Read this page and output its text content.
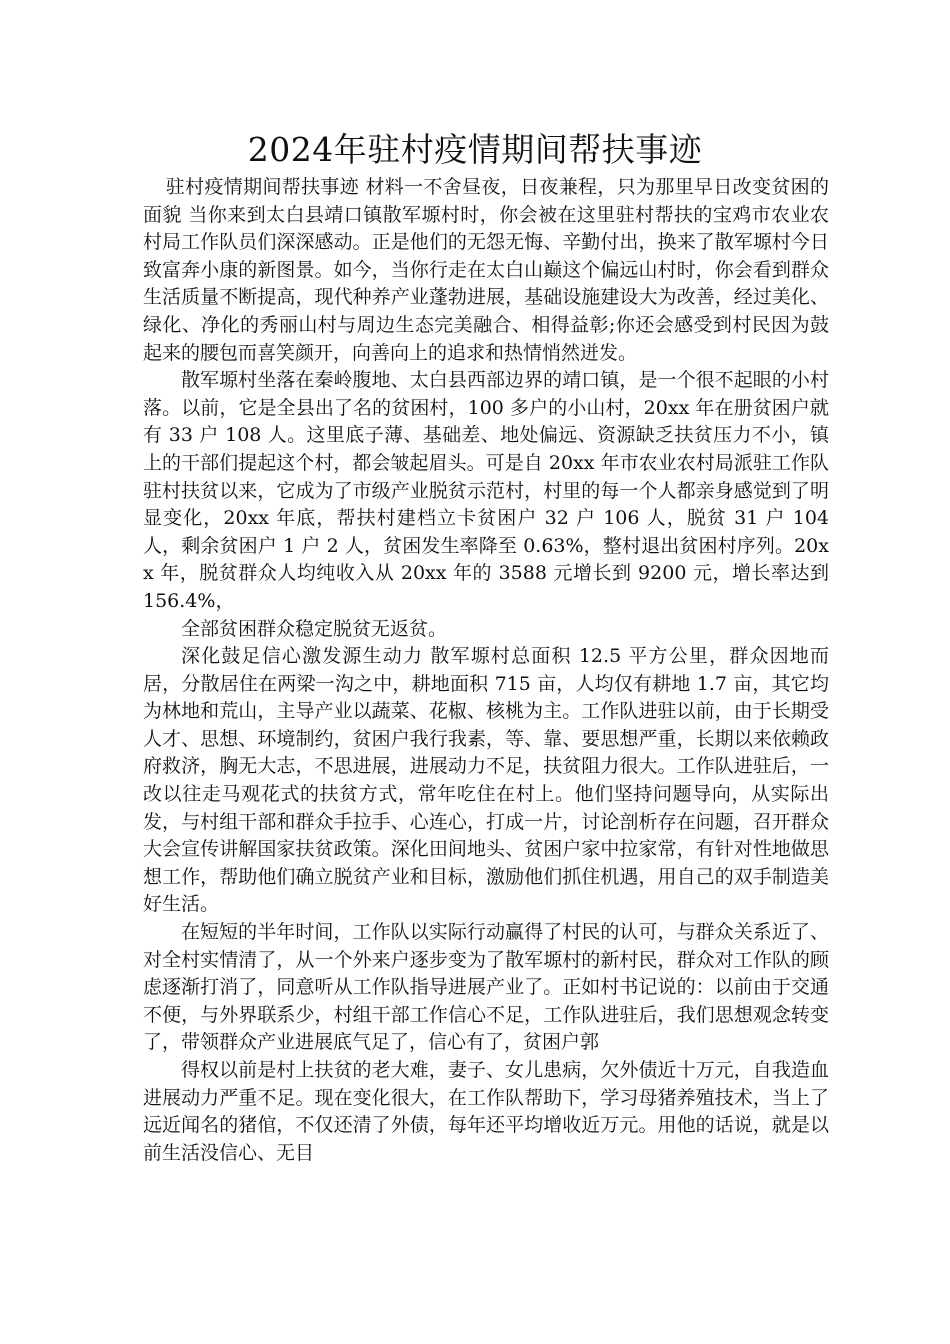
2024年驻村疫情期间帮扶事迹

驻村疫情期间帮扶事迹 材料一不舍昼夜，日夜兼程，只为那里早日改变贫困的面貌 当你来到太白县靖口镇散军塬村时，你会被在这里驻村帮扶的宝鸡市农业农村局工作队员们深深感动。正是他们的无怨无悔、辛勤付出，换来了散军塬村今日致富奔小康的新图景。如今，当你行走在太白山巅这个偏远山村时，你会看到群众生活质量不断提高，现代种养产业蓬勃进展，基础设施建设大为改善，经过美化、绿化、净化的秀丽山村与周边生态完美融合、相得益彰;你还会感受到村民因为鼓起来的腰包而喜笑颜开，向善向上的追求和热情悄然迸发。

散军塬村坐落在秦岭腹地、太白县西部边界的靖口镇，是一个很不起眼的小村落。以前，它是全县出了名的贫困村，100 多户的小山村，20xx 年在册贫困户就有 33 户 108 人。这里底子薄、基础差、地处偏远、资源缺乏扶贫压力不小，镇上的干部们提起这个村，都会皱起眉头。可是自 20xx 年市农业农村局派驻工作队驻村扶贫以来，它成为了市级产业脱贫示范村，村里的每一个人都亲身感觉到了明显变化，20xx 年底，帮扶村建档立卡贫困户 32 户 106 人，脱贫 31 户 104 人，剩余贫困户 1 户 2 人，贫困发生率降至 0.63%，整村退出贫困村序列。20xx 年，脱贫群众人均纯收入从 20xx 年的 3588 元增长到 9200 元，增长率达到 156.4%，

全部贫困群众稳定脱贫无返贫。

深化鼓足信心激发源生动力 散军塬村总面积 12.5 平方公里，群众因地而居，分散居住在两梁一沟之中，耕地面积 715 亩，人均仅有耕地 1.7 亩，其它均为林地和荒山，主导产业以蔬菜、花椒、核桃为主。工作队进驻以前，由于长期受人才、思想、环境制约，贫困户我行我素，等、靠、要思想严重，长期以来依赖政府救济，胸无大志，不思进展，进展动力不足，扶贫阻力很大。工作队进驻后，一改以往走马观花式的扶贫方式，常年吃住在村上。他们坚持问题导向，从实际出发，与村组干部和群众手拉手、心连心，打成一片，讨论剖析存在问题，召开群众大会宣传讲解国家扶贫政策。深化田间地头、贫困户家中拉家常，有针对性地做思想工作，帮助他们确立脱贫产业和目标，激励他们抓住机遇，用自己的双手制造美好生活。

在短短的半年时间，工作队以实际行动赢得了村民的认可，与群众关系近了、对全村实情清了，从一个外来户逐步变为了散军塬村的新村民，群众对工作队的顾虑逐渐打消了，同意听从工作队指导进展产业了。正如村书记说的：以前由于交通不便，与外界联系少，村组干部工作信心不足，工作队进驻后，我们思想观念转变了，带领群众产业进展底气足了，信心有了，贫困户郭

得权以前是村上扶贫的老大难，妻子、女儿患病，欠外债近十万元，自我造血进展动力严重不足。现在变化很大，在工作队帮助下，学习母猪养殖技术，当上了远近闻名的猪倌，不仅还清了外债，每年还平均增收近万元。用他的话说，就是以前生活没信心、无目
